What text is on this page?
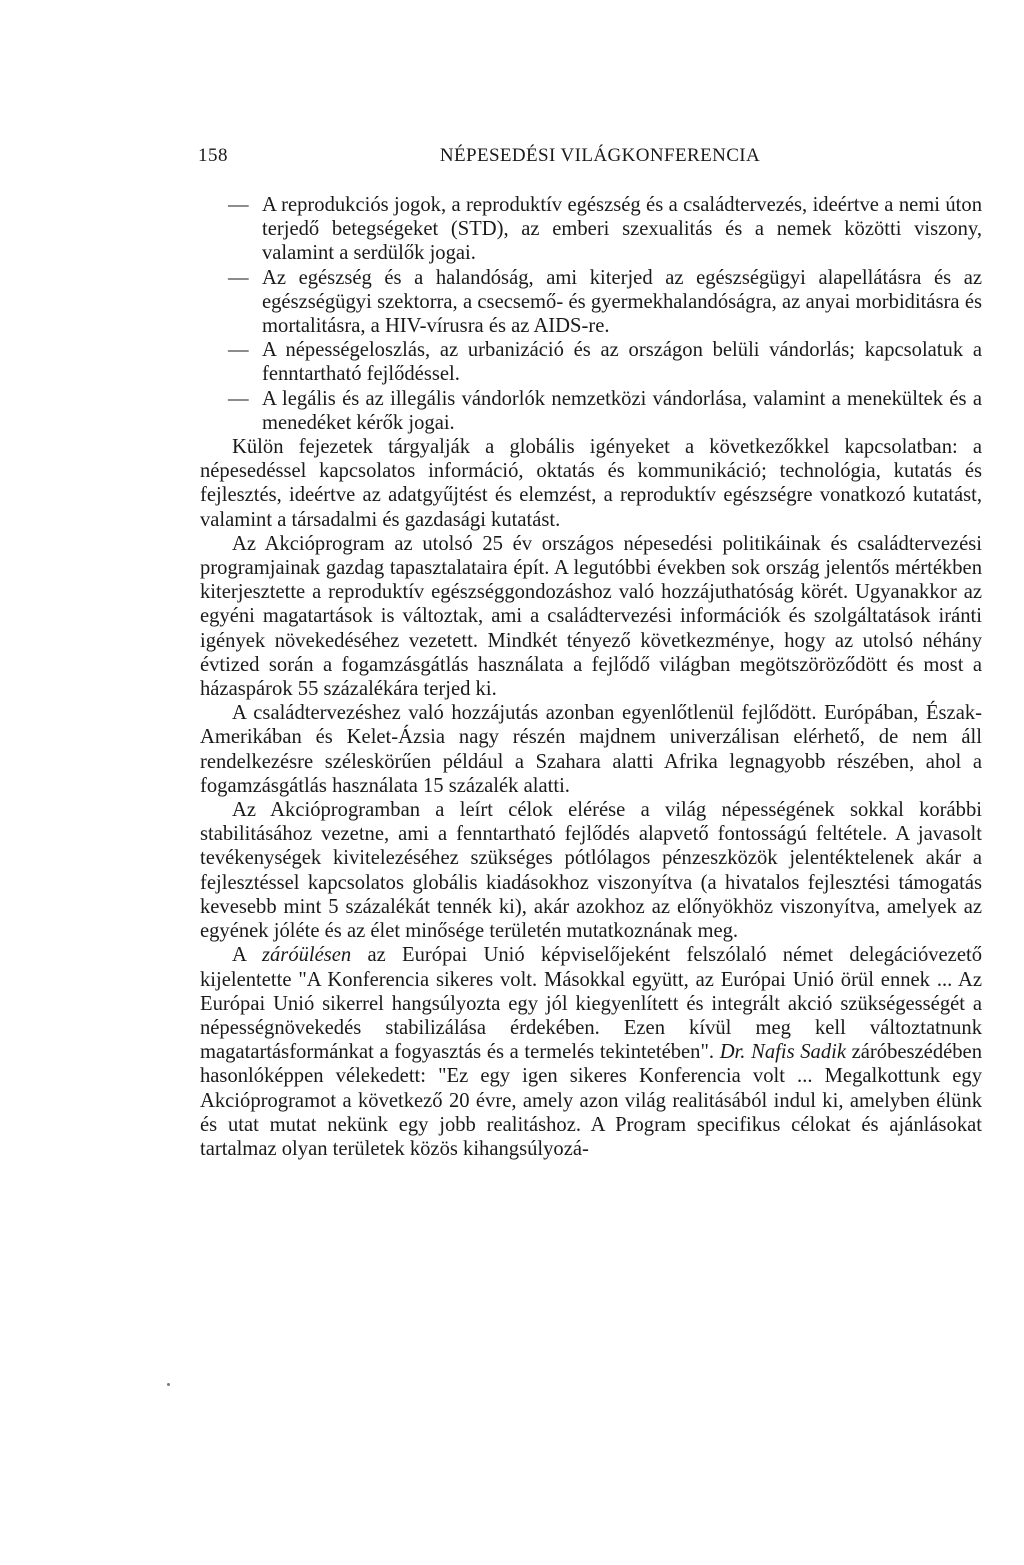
158	NÉPESEDÉSI VILÁGKONFERENCIA

— A reprodukciós jogok, a reproduktív egészség és a családtervezés, ideértve a nemi úton terjedő betegségeket (STD), az emberi szexualitás és a nemek közötti viszony, valamint a serdülők jogai.

— Az egészség és a halandóság, ami kiterjed az egészségügyi alapellátásra és az egészségügyi szektorra, a csecsemő- és gyermekhalandóságra, az anyai morbiditásra és mortalitásra, a HIV-vírusra és az AIDS-re.

— A népességeloszlás, az urbanizáció és az országon belüli vándorlás; kapcsolatuk a fenntartható fejlődéssel.

— A legális és az illegális vándorlók nemzetközi vándorlása, valamint a menekültek és a menedéket kérők jogai.

Külön fejezetek tárgyalják a globális igényeket a következőkkel kapcsolatban: a népesedéssel kapcsolatos információ, oktatás és kommunikáció; technológia, kutatás és fejlesztés, ideértve az adatgyűjtést és elemzést, a reproduktív egészségre vonatkozó kutatást, valamint a társadalmi és gazdasági kutatást.

Az Akcióprogram az utolsó 25 év országos népesedési politikáinak és családtervezési programjainak gazdag tapasztalataira épít. A legutóbbi években sok ország jelentős mértékben kiterjesztette a reproduktív egészséggondozáshoz való hozzájuthatóság körét. Ugyanakkor az egyéni magatartások is változtak, ami a családtervezési információk és szolgáltatások iránti igények növekedéséhez vezetett. Mindkét tényező következménye, hogy az utolsó néhány évtized során a fogamzásgátlás használata a fejlődő világban megötszöröződött és most a házaspárok 55 százalékára terjed ki.

A családtervezéshez való hozzájutás azonban egyenlőtlenül fejlődött. Európában, Észak-Amerikában és Kelet-Ázsia nagy részén majdnem univerzálisan elérhető, de nem áll rendelkezésre széleskörűen például a Szahara alatti Afrika legnagyobb részében, ahol a fogamzásgátlás használata 15 százalék alatti.

Az Akcióprogramban a leírt célok elérése a világ népességének sokkal korábbi stabilitásához vezetne, ami a fenntartható fejlődés alapvető fontosságú feltétele. A javasolt tevékenységek kivitelezéséhez szükséges pótlólagos pénzeszközök jelentéktelenek akár a fejlesztéssel kapcsolatos globális kiadásokhoz viszonyítva (a hivatalos fejlesztési támogatás kevesebb mint 5 százalékát tennék ki), akár azokhoz az előnyökhöz viszonyítva, amelyek az egyének jóléte és az élet minősége területén mutatkoznának meg.

A záróülésen az Európai Unió képviselőjeként felszólaló német delegációvezető kijelentette "A Konferencia sikeres volt. Másokkal együtt, az Európai Unió örül ennek ... Az Európai Unió sikerrel hangsúlyozta egy jól kiegyenlített és integrált akció szükségességét a népességnövekedés stabilizálása érdekében. Ezen kívül meg kell változtatnunk magatartásformánkat a fogyasztás és a termelés tekintetében". Dr. Nafis Sadik záróbeszédében hasonlóképpen vélekedett: "Ez egy igen sikeres Konferencia volt ... Megalkottunk egy Akcióprogramot a következő 20 évre, amely azon világ realitásából indul ki, amelyben élünk és utat mutat nekünk egy jobb realitáshoz. A Program specifikus célokat és ajánlásokat tartalmaz olyan területek közös kihangsúlyozá-
